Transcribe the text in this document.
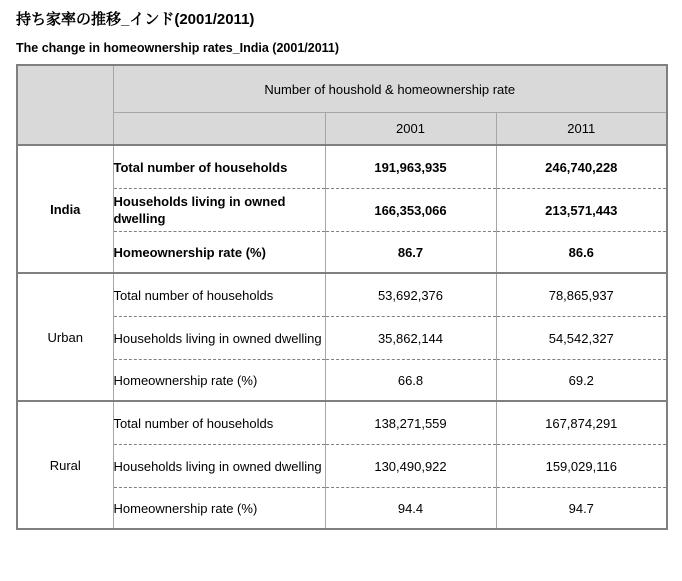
持ち家率の推移_インド(2001/2011)
The change in homeownership rates_India (2001/2011)
	Number of houshold & homeownership rate		
		2001	2011
India	Total number of households	191,963,935	246,740,228
	Households living in owned dwelling	166,353,066	213,571,443
	Homeownership rate (%)	86.7	86.6
Urban	Total number of households	53,692,376	78,865,937
	Households living in owned dwelling	35,862,144	54,542,327
	Homeownership rate (%)	66.8	69.2
Rural	Total number of households	138,271,559	167,874,291
	Households living in owned dwelling	130,490,922	159,029,116
	Homeownership rate (%)	94.4	94.7
